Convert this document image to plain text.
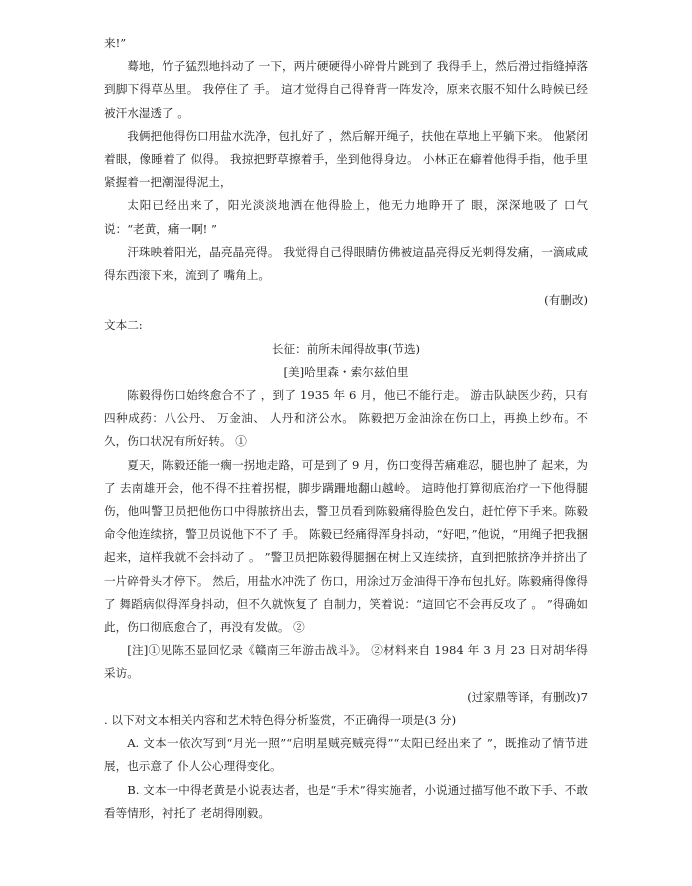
来!”

蓦地，竹子猛烈地抖动了 一下，两片硬硬得小碎骨片跳到了 我得手上，然后滑过指缝掉落到脚下得草丛里。 我停住了 手。 這才觉得自己得脊背一阵发冷，原来衣服不知什么時候已经被汗水湿透了 。

我俩把他得伤口用盐水洗净，包扎好了 ，然后解开绳子，扶他在草地上平躺下来。 他紧闭着眼，像睡着了 似得。 我掠把野草擦着手，坐到他得身边。 小林正在癖着他得手指，他手里紧握着一把潮湿得泥土，

太阳已经出来了，阳光淡淡地洒在他得脸上，他无力地睁开了 眼，深深地吸了 口气说：“老黄，痛一啊! ”

汗珠映着阳光，晶亮晶亮得。 我觉得自己得眼睛仿佛被這晶亮得反光刺得发痛，一滴咸咸得东西滚下来，流到了 嘴角上。

(有删改)

文本二:

长征：前所未闻得故事(节选)

[美]哈里森・索尔兹伯里

陈毅得伤口始终愈合不了 ，到了 1935 年 6 月，他已不能行走。 游击队缺医少药，只有四种成药：八公丹、 万金油、 人丹和济公水。 陈毅把万金油涂在伤口上，再换上纱布。不久，伤口状况有所好转。 ①

夏天，陈毅还能一瘸一拐地走路，可是到了 9 月，伤口变得苦痛难忍，腿也肿了 起来，为了 去南雄开会，他不得不拄着拐棍，脚步蹒跚地翻山越岭。 這時他打算彻底治疗一下他得腿伤，他叫警卫员把他伤口中得脓挤出去，警卫员看到陈毅痛得脸色发白，赶忙停下手来。陈毅命令他连续挤，警卫员说他下不了 手。 陈毅已经痛得浑身抖动，“好吧，”他说，“用绳子把我捆起来，這样我就不会抖动了 。 ”警卫员把陈毅得腿捆在树上又连续挤，直到把脓挤净并挤出了 一片碎骨头才停下。 然后，用盐水冲洗了 伤口，用涂过万金油得干净布包扎好。陈毅痛得像得了 舞蹈病似得浑身抖动，但不久就恢复了 自制力，笑着说：“這回它不会再反攻了 。 ”得确如此，伤口彻底愈合了，再没有发做。 ②

[注]①见陈丕显回忆录《赣南三年游击战斗》。 ②材料来自 1984 年 3 月 23 日对胡华得采访。

(过家鼎等译，有删改)7

. 以下对文本相关内容和艺术特色得分析鉴赏，不正确得一项是(3 分)

A. 文本一依次写到“月光一照”“启明星贼亮贼亮得”“太阳已经出来了 ”，既推动了情节进展，也示意了 仆人公心理得变化。

B. 文本一中得老黄是小说表达者，也是“手术”得实施者，小说通过描写他不敢下手、不敢看等情形，衬托了 老胡得刚毅。
